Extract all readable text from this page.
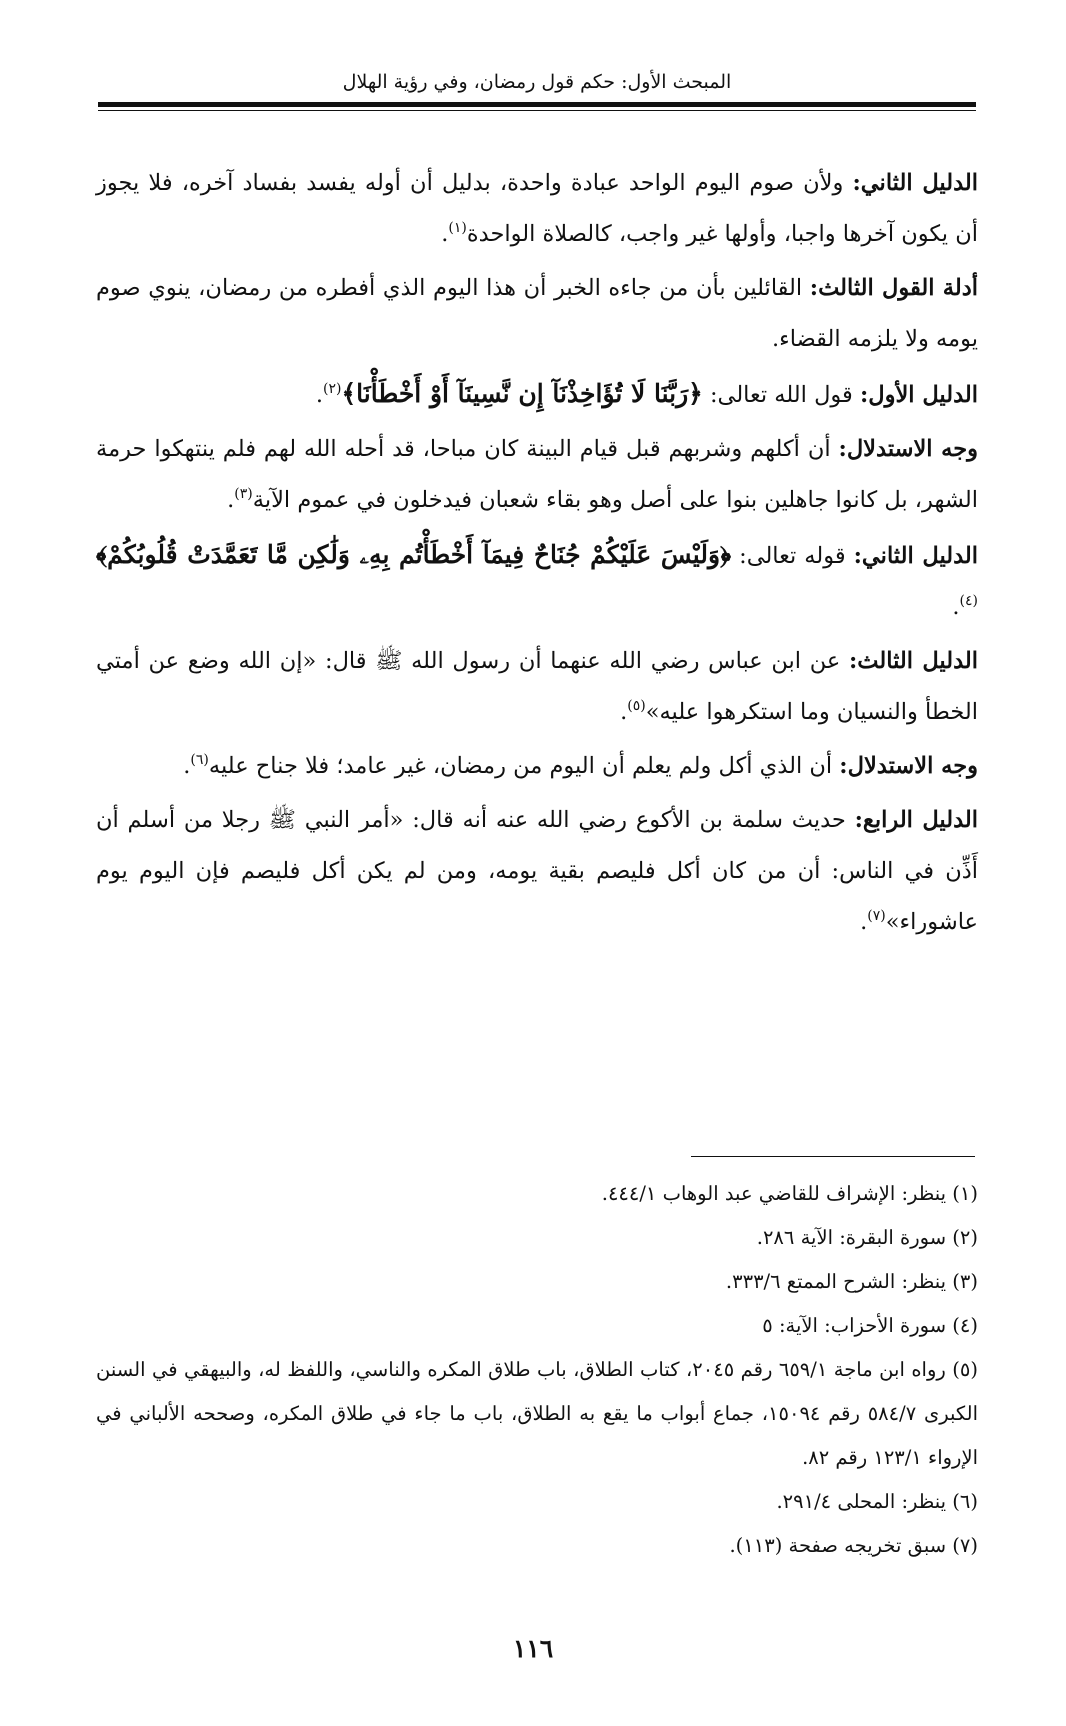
المبحث الأول: حكم قول رمضان، وفي رؤية الهلال

الدليل الثاني: ولأن صوم اليوم الواحد عبادة واحدة، بدليل أن أوله يفسد بفساد آخره، فلا يجوز أن يكون آخرها واجبا، وأولها غير واجب، كالصلاة الواحدة$^{(١)}$.

أدلة القول الثالث: القائلين بأن من جاءه الخبر أن هذا اليوم الذي أفطره من رمضان، ينوي صوم يومه ولا يلزمه القضاء.

الدليل الأول: قول الله تعالى: ﴿رَبَّنَا لَا تُؤَاخِذْنَآ إِن نَّسِينَآ أَوْ أَخْطَأْنَا﴾$^{(٢)}$.

وجه الاستدلال: أن أكلهم وشربهم قبل قيام البينة كان مباحا، قد أحله الله لهم فلم ينتهكوا حرمة الشهر، بل كانوا جاهلين بنوا على أصل وهو بقاء شعبان فيدخلون في عموم الآية$^{(٣)}$.

الدليل الثاني: قوله تعالى: ﴿وَلَيْسَ عَلَيْكُمْ جُنَاحٌ فِيمَآ أَخْطَأْتُم بِهِۦ وَلَٰكِن مَّا تَعَمَّدَتْ قُلُوبُكُمْ﴾$^{(٤)}$.

الدليل الثالث: عن ابن عباس رضي الله عنهما أن رسول الله ﷺ قال: «إن الله وضع عن أمتي الخطأ والنسيان وما استكرهوا عليه»$^{(٥)}$.

وجه الاستدلال: أن الذي أكل ولم يعلم أن اليوم من رمضان، غير عامد؛ فلا جناح عليه$^{(٦)}$.

الدليل الرابع: حديث سلمة بن الأكوع رضي الله عنه أنه قال: «أمر النبي ﷺ رجلا من أسلم أن أَذِّن في الناس: أن من كان أكل فليصم بقية يومه، ومن لم يكن أكل فليصم فإن اليوم يوم عاشوراء»$^{(٧)}$.

(١) ينظر: الإشراف للقاضي عبد الوهاب ٤٤٤/١.

(٢) سورة البقرة: الآية ٢٨٦.

(٣) ينظر: الشرح الممتع ٣٣٣/٦.

(٤) سورة الأحزاب: الآية: ٥

(٥) رواه ابن ماجة ٦٥٩/١ رقم ٢٠٤٥، كتاب الطلاق، باب طلاق المكره والناسي، واللفظ له، والبيهقي في السنن الكبرى ٥٨٤/٧ رقم ١٥٠٩٤، جماع أبواب ما يقع به الطلاق، باب ما جاء في طلاق المكره، وصححه الألباني في الإرواء ١٢٣/١ رقم ٨٢.

(٦) ينظر: المحلى ٢٩١/٤.

(٧) سبق تخريجه صفحة (١١٣).

١١٦
